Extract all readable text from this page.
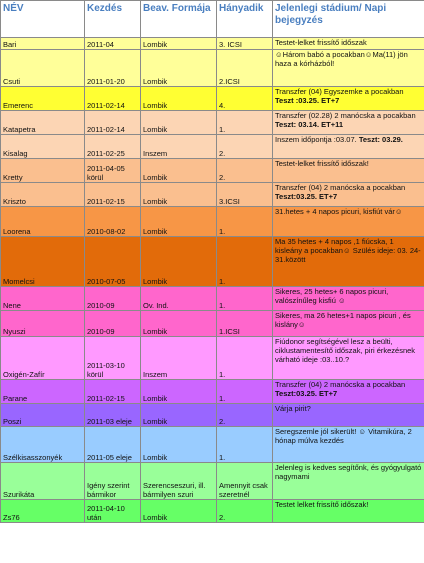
NÉV	Kezdés	Beav. Formája	Hányadik	Jelenlegi stádium/ Napi bejegyzés
Bari	2011-04	Lombik	3. ICSI	Testet-lelket frissítő időszak
Csuti	2011-01-20	Lombik	2.ICSI	☺Három babó a pocakban☺Ma(11) jön haza a kórházból!
Emerenc	2011-02-14	Lombik	4.	Transzfer (04) Egyszemke a pocakban Teszt :03.25. ET+7
Katapetra	2011-02-14	Lombik	1.	Transzfer (02.28) 2 manócska a pocakban Teszt: 03.14. ET+11
Kisalag	2011-02-25	Inszem	2.	Inszem időpontja :03.07. Teszt: 03.29.
Kretty	2011-04-05 körül	Lombik	2.	Testet-lelket frissítő időszak!
Kriszto	2011-02-15	Lombik	3.ICSI	Transzfer (04) 2 manócska a pocakban Teszt:03.25. ET+7
Loorena	2010-08-02	Lombik	1.	31.hetes + 4 napos picuri, kisfiút vár☺
Momelcsi	2010-07-05	Lombik	1.	Ma 35 hetes + 4 napos ,1 fiúcska, 1 kisleány a pocakban☺ Szülés ideje: 03. 24-31.között
Nene	2010-09	Ov. Ind.	1.	Sikeres, 25 hetes+ 6 napos picuri, valószínűleg kisfiú ☺
Nyuszi	2010-09	Lombik	1.ICSI	Sikeres, ma 26 hetes+1 napos picuri , és kislány☺
Oxigén-Zafír	2011-03-10 körül	Inszem	1.	Fiúdonor segítségével lesz a beülti, ciklustamentesítő időszak, piri érkezésnek várható ideje :03..10.?
Parane	2011-02-15	Lombik	1.	Transzfer (04) 2 manócska a pocakban Teszt:03.25. ET+7
Poszi	2011-03 eleje	Lombik	2.	Várja pirit?
Szélkisasszonyék	2011-05 eleje	Lombik	1.	Seregszemle jól sikerült! ☺ Vitamikúra, 2 hónap múlva kezdés
Szurikáta	Igény szerint bármikor	Szerencseszuri, ill. bármilyen szuri	Amennyit csak szeretnél	Jelenleg is kedves segítőnk, és gyógyulgató nagymami
Zs76	2011-04-10 után	Lombik	2.	Testet lelket frissítő időszak!
